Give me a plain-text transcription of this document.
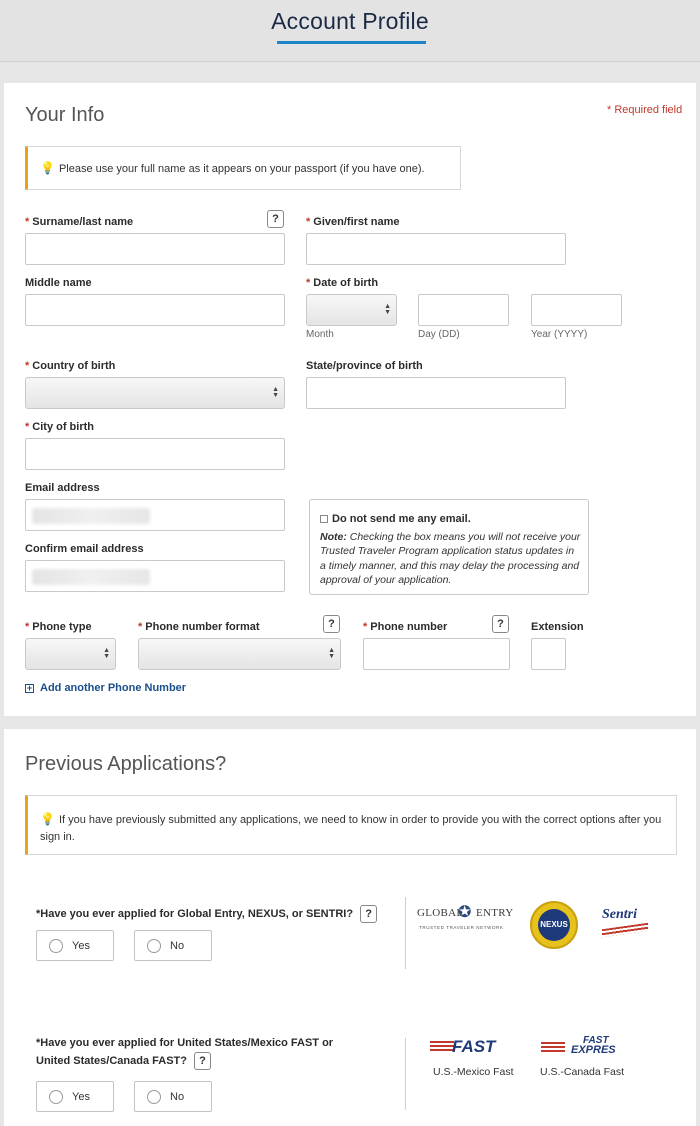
Account Profile
Your Info	* Required field
💡 Please use your full name as it appears on your passport (if you have one).
* Surname/last name	?	* Given/first name
Middle name	* Date of birth
▲
▼
Month	Day (DD)	Year (YYYY)
* Country of birth
▲
▼
State/province of birth
* City of birth
Email address
Confirm email address
Do not send me any email.
Note: Checking the box means you will not receive your Trusted Traveler Program application status updates in a timely manner, and this may delay the processing and approval of your application.
* Phone type
▲
▼
* Phone number format	?
▲
▼
* Phone number	?	Extension
+ Add another Phone Number
Previous Applications?
💡 If you have previously submitted any applications, we need to know in order to provide you with the correct options after you sign in.
*Have you ever applied for Global Entry, NEXUS, or SENTRI? ?
Yes	No
GLOBAL
✪ ENTRY
TRUSTED TRAVELER NETWORK	NEXUS
Sentri
*Have you ever applied for United States/Mexico FAST or United States/Canada FAST? ?
Yes	No
FAST
U.S.-Mexico Fast
FAST
EXPRES
U.S.-Canada Fast
